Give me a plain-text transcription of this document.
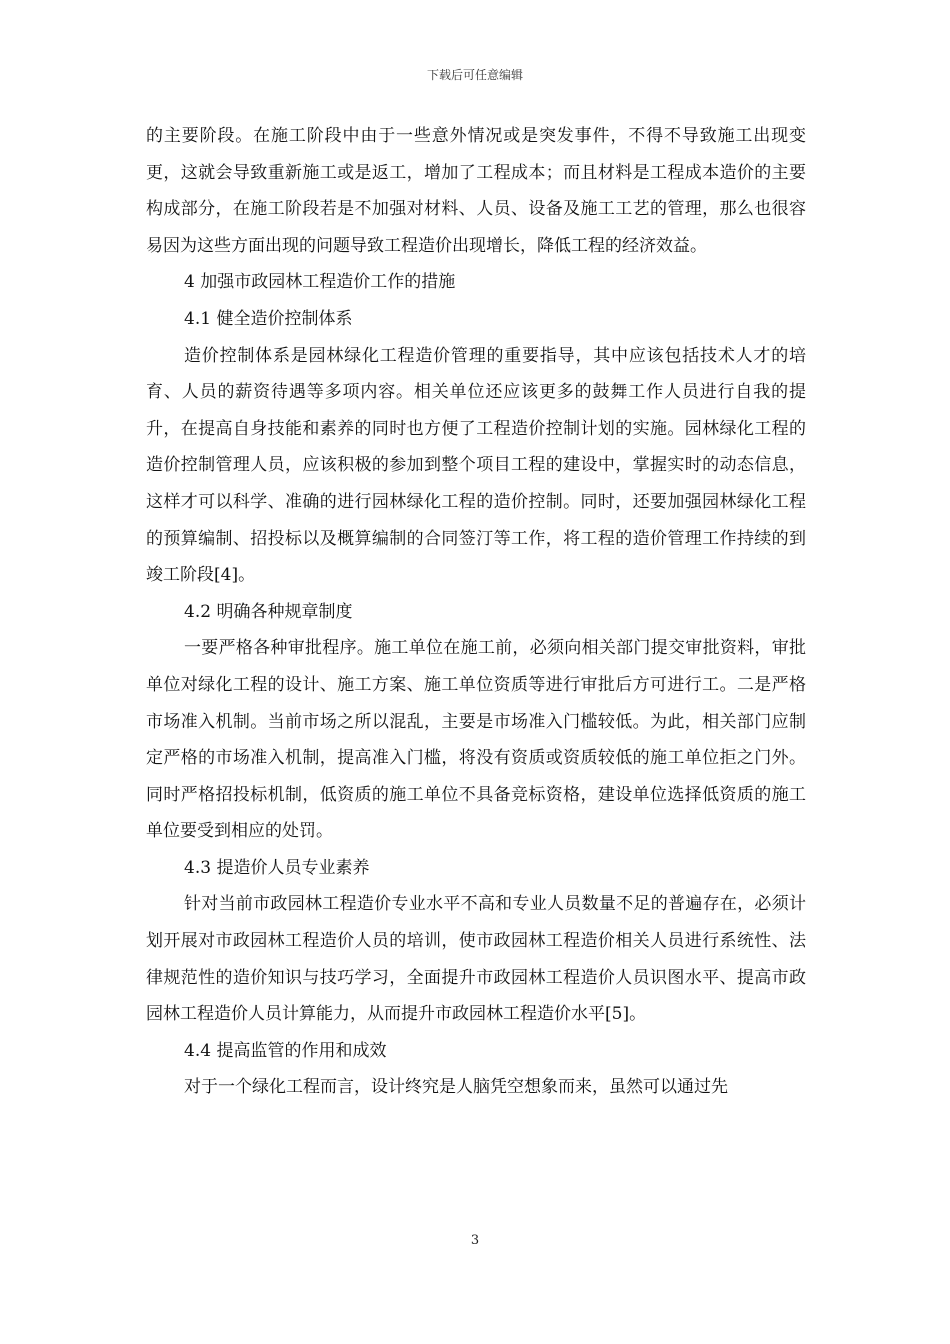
下载后可任意编辑

的主要阶段。在施工阶段中由于一些意外情况或是突发事件，不得不导致施工出现变更，这就会导致重新施工或是返工，增加了工程成本；而且材料是工程成本造价的主要构成部分，在施工阶段若是不加强对材料、人员、设备及施工工艺的管理，那么也很容易因为这些方面出现的问题导致工程造价出现增长，降低工程的经济效益。

4 加强市政园林工程造价工作的措施

4.1 健全造价控制体系

造价控制体系是园林绿化工程造价管理的重要指导，其中应该包括技术人才的培育、人员的薪资待遇等多项内容。相关单位还应该更多的鼓舞工作人员进行自我的提升，在提高自身技能和素养的同时也方便了工程造价控制计划的实施。园林绿化工程的造价控制管理人员，应该积极的参加到整个项目工程的建设中，掌握实时的动态信息，这样才可以科学、准确的进行园林绿化工程的造价控制。同时，还要加强园林绿化工程的预算编制、招投标以及概算编制的合同签汀等工作，将工程的造价管理工作持续的到竣工阶段[4]。

4.2 明确各种规章制度

一要严格各种审批程序。施工单位在施工前，必须向相关部门提交审批资料，审批单位对绿化工程的设计、施工方案、施工单位资质等进行审批后方可进行工。二是严格市场准入机制。当前市场之所以混乱，主要是市场准入门槛较低。为此，相关部门应制定严格的市场准入机制，提高准入门槛，将没有资质或资质较低的施工单位拒之门外。同时严格招投标机制，低资质的施工单位不具备竞标资格，建设单位选择低资质的施工单位要受到相应的处罚。

4.3 提造价人员专业素养

针对当前市政园林工程造价专业水平不高和专业人员数量不足的普遍存在，必须计划开展对市政园林工程造价人员的培训，使市政园林工程造价相关人员进行系统性、法律规范性的造价知识与技巧学习，全面提升市政园林工程造价人员识图水平、提高市政园林工程造价人员计算能力，从而提升市政园林工程造价水平[5]。

4.4 提高监管的作用和成效

对于一个绿化工程而言，设计终究是人脑凭空想象而来，虽然可以通过先

3
